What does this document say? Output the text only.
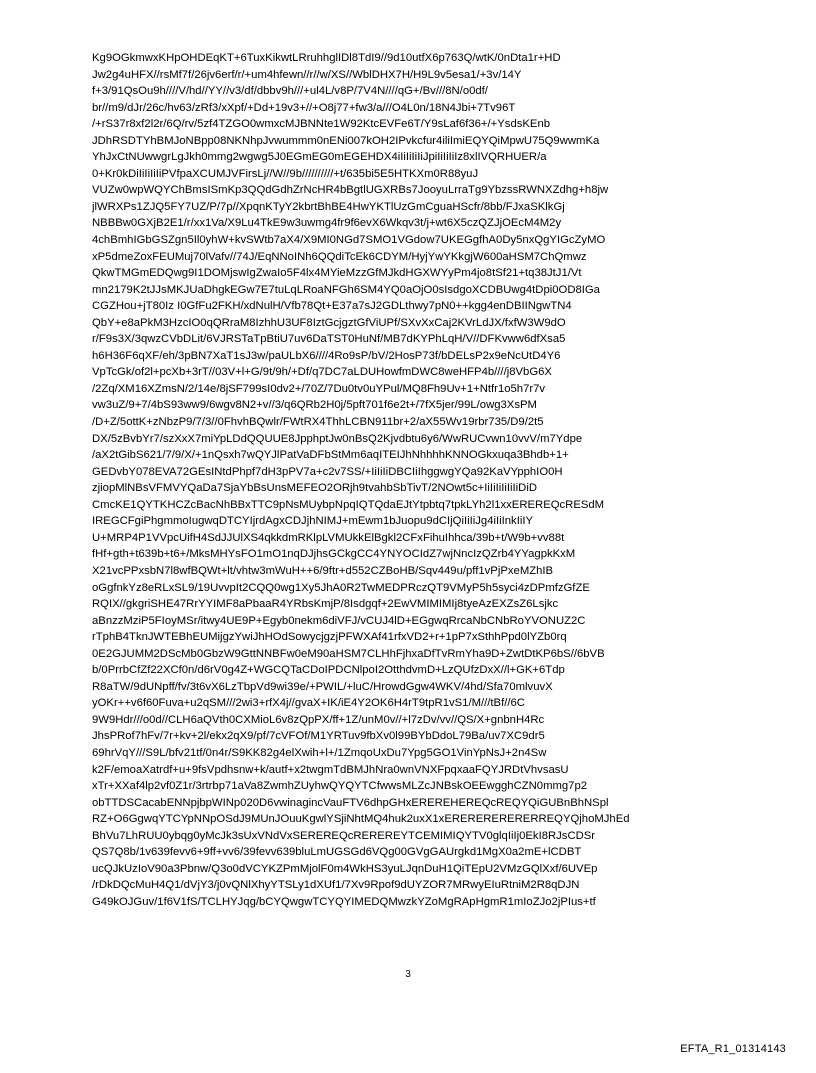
Kg9OGkmwxKHpOHDEqKT+6TuxKikwtLRruhhglIDl8TdI9//9d10utfX6p763Q/wtK/0nDta1r+HD
Jw2g4uHFX//rsMf7f/26jv6erf/r/+um4hfewn//r//w/XS//WblDHX7H/H9L9v5esa1/+3v/14Y
f+3/91QsOu9h////V/hd//YY//v3/df/dbbv9h///+ul4L/v8P/7V4N////qG+/Bv///8N/o0df/
br//m9/dJr/26c/hv63/zRf3/xXpf/+Dd+19v3+//+O8j77+fw3/a///O4L0n/18N4Jbi+7Tv96T
/+rS37r8xf2l2r/6Q/rv/5zf4TZGO0wmxcMJBNNte1W92KtcEVFe6T/Y9sLaf6f36+/+YsdsKEnb
JDhRSDTYhBMJoNBpp08NKNhpJvwummm0nENi007kOH2IPvkcfur4iliImiEQYQiMpwU75Q9wwmKa
YhJxCtNUwwgrLgJkh0mmg2wgwg5J0EGmEG0mEGEHDX4iIiIiIiIiJpiIiIiIiIz8xlIVQRHUER/a
0+Kr0kDiIiIiIiIiPVfpaXCUMJVFirsLj//W//9b//////////+t/635bi5E5HTKXm0R88yuJ
VUZw0wpWQYChBmsISmKp3QQdGdhZrNcHR4bBgtlUGXRBs7JooyuLrraTg9YbzssRWNXZdhg+h8jw
jlWRXPs1ZJQ5FY7UZ/P/7p//XpqnKTyY2kbrtBhBE4HwYKTlUzGmCguaHScfr/8bb/FJxaSKlkGj
NBBBw0GXjB2E1/r/xx1Va/X9Lu4TkE9w3uwmg4fr9f6evX6Wkqv3t/j+wt6X5czQZJjOEcM4M2y
4chBmhIGbGSZgn5Il0yhW+kvSWtb7aX4/X9MI0NGd7SMO1VGdow7UKEGgfhA0Dy5nxQgYIGcZyMO
xP5dmeZoxFEUMuj70lVafv//74J/EqNNoINh6QQdiTcEk6CDYM/HyjYwYKkgjW600aHSM7ChQmwz
QkwTMGmEDQwg9I1DOMjswIgZwaIo5F4lx4MYieMzzGfMJkdHGXWYyPm4jo8tSf21+tq38JtJ1/Vt
mn2179K2tJJsMKJUaDhgkEGw7E7tuLqLRoaNFGh6SM4YQ0aOjO0sIsdgoXCDBUwg4tDpi0OD8IGa
CGZHou+jT80Iz I0GfFu2FKH/xdNulH/Vfb78Qt+E37a7sJ2GDLthwy7pN0++kgg4enDBIINgwTN4
QbY+e8aPkM3HzcIO0qQRraM8IzhhU3UF8IztGcjgztGfViUPf/SXvXxCaj2KVrLdJX/fxfW3W9dO
r/F9s3X/3qwzCVbDLit/6VJRSTaTpBtiU7uv6DaTST0HuNf/MB7dKYPhLqH/V//DFKvww6dfXsa5
h6H36F6qXF/eh/3pBN7XaT1sJ3w/paULbX6////4Ro9sP/bV/2HosP73f/bDELsP2x9eNcUtD4Y6
VpTcGk/of2l+pcXb+3rT//03V+l+G/9t/9h/+Df/q7DC7aLDUHowfmDWC8weHFP4b////j8VbG6X
/2Zq/XM16XZmsN/2/14e/8jSF799sI0dv2+/70Z/7Du0tv0uYPul/MQ8Fh9Uv+1+Ntfr1o5h7r7v
vw3uZ/9+7/4bS93ww9/6wgv8N2+v//3/q6QRb2H0j/5pft701f6e2t+/7fX5jer/99L/owg3XsPM
/D+Z/5ottK+zNbzP9/7/3//0FhvhBQwlr/FWtRX4ThhLCBN911br+2/aX55Wv19rbr735/D9/2t5
DX/5zBvbYr7/szXxX7miYpLDdQQUUE8JpphptJw0nBsQ2Kjvdbtu6y6/WwRUCvwn10vvV/m7Ydpe
/aX2tGibS621/7/9/X/+1nQsxh7wQYJlPatVaDFbStMm6aqITEIJhNhhhhKNNOGkxuqa3Bhdb+1+
GEDvbY078EVA72GEsINtdPhpf7dH3pPV7a+c2v7SS/+IiIiIiDBCIiIhggwgYQa92KaVYpphIO0H
zjiopMlNBsVFMVYQaDa7SjaYbBsUnsMEFEO2ORjh9tvahbSbTivT/2NOwt5c+IiIiIiIiIiIiDiD
CmcKE1QYTKHCZcBacNhBBxTTC9pNsMUybpNpqIQTQdaEJtYtpbtq7tpkLYh2l1xxEREREQcRESdM
IREGCFgiPhgmmoIugwqDTCYIjrdAgxCDJjhNIMJ+mEwm1bJuopu9dCIjQiIiIiJg4iIiInkIiIY
U+MRP4P1VVpcUifH4SdJJUlXS4qkkdmRKlpLVMUkkElBgkl2CFxFihuIhhca/39b+t/W9b+vv88t
fHf+gth+t639b+t6+/MksMHYsFO1mO1nqDJjhsGCkgCC4YNYOCIdZ7wjNncIzQZrb4YYagpkKxM
X21vcPPxsbN7l8wfBQWt+lt/vhtw3mWuH++6/9ftr+d552CZBoHB/Sqv449u/pff1vPjPxeMZhIB
oGgfnkYz8eRLxSL9/19UvvpIt2CQQ0wg1Xy5JhA0R2TwMEDPRczQT9VMyP5h5syci4zDPmfzGfZE
RQIX//gkgriSHE47RrYYIMF8aPbaaR4YRbsKmjP/8Isdgqf+2EwVMIMIMIj8tyeAzEXZsZ6Lsjkc
aBnzzMziP5FIoyMSr/itwy4UE9P+Egyb0nekm6diVFJ/vCUJ4lD+EGgwqRrcaNbCNbRoYVONUZ2C
rTphB4TknJWTEBhEUMijgzYwiJhHOdSowycjgzjPFWXAf41rfxVD2+r+1pP7xSthhPpd0lYZb0rq
0E2GJUMM2DScMb0GbzW9GttNNBFw0eM90aHSM7CLHhFjhxaDfTvRmYha9D+ZwtDtKP6bS//6bVB
b/0PrrbCfZf22XCf0n/d6rV0g4Z+WGCQTaCDoIPDCNlpoI2OtthdvmD+LzQUfzDxX//l+GK+6Tdp
R8aTW/9dUNpff/fv/3t6vX6LzTbpVd9wi39e/+PWIL/+luC/HrowdGgw4WKV/4hd/Sfa70mlvuvX
yOKr++v6f60Fuva+u2qSM///2wi3+rfX4j//gvaX+IK/iE4Y2OK6H4rT9tpR1vS1/M///tBf//6C
9W9Hdr///o0d//CLH6aQVth0CXMioL6v8zQpPX/ff+1Z/unM0v//+l7zDv/vv//QS/X+gnbnH4Rc
JhsPRof7hFv/7r+kv+2l/ekx2qX9/pf/7cVFOf/M1YRTuv9fbXv0l99BYbDdoL79Ba/uv7XC9dr5
69hrVqY///S9L/bfv21tf/0n4r/S9KK82g4elXwih+l+/1ZmqoUxDu7Ypg5GO1VinYpNsJ+2n4Sw
k2F/emoaXatrdf+u+9fsVpdhsnw+k/autf+x2twgmTdBMJhNra0wnVNXFpqxaaFQYJRDtVhvsasU
xTr+XXaf4lp2vf0Z1r/3rtrbp71aVa8ZwmhZUyhwQYQYTCfwwsMLZcJNBskOEEwgghCZN0mmg7p2
obTTDSCacabENNpjbpWINp020D6vwinagincVauFTV6dhpGHxEREREHEREQcREQYQiGUBnBhNSpl
RZ+O6GgwqYTCYpNNpOSdJ9MUnJOuuKgwlYSjiNhtMQ4huk2uxX1xERERERERERERREQYQjhoMJhEd
BhVu7LhRUU0ybqg0yMcJk3sUxVNdVxSEREREQcREREREYTCEMIMIQYTV0glqIiIj0EkI8RJsCDSr
QS7Q8b/1v639fevv6+9ff+vv6/39fevv639bluLmUGSGd6VQg00GVgGAUrgkd1MgX0a2mE+lCDBT
ucQJkUzIoV90a3Pbnw/Q3o0dVCYKZPmMjolF0m4WkHS3yuLJqnDuH1QiTEpU2VMzGQlXxf/6UVEp
/rDkDQcMuH4Q1/dVjY3/j0vQNlXhyYTSLy1dXUf1/7Xv9Rpof9dUYZOR7MRwyEIuRtniM2R8qDJN
G49kOJGuv/1f6V1fS/TCLHYJqg/bCYQwgwTCYQYIMEDQMwzkYZoMgRApHgmR1mIoZJo2jPIus+tf
3
EFTA_R1_01314143
